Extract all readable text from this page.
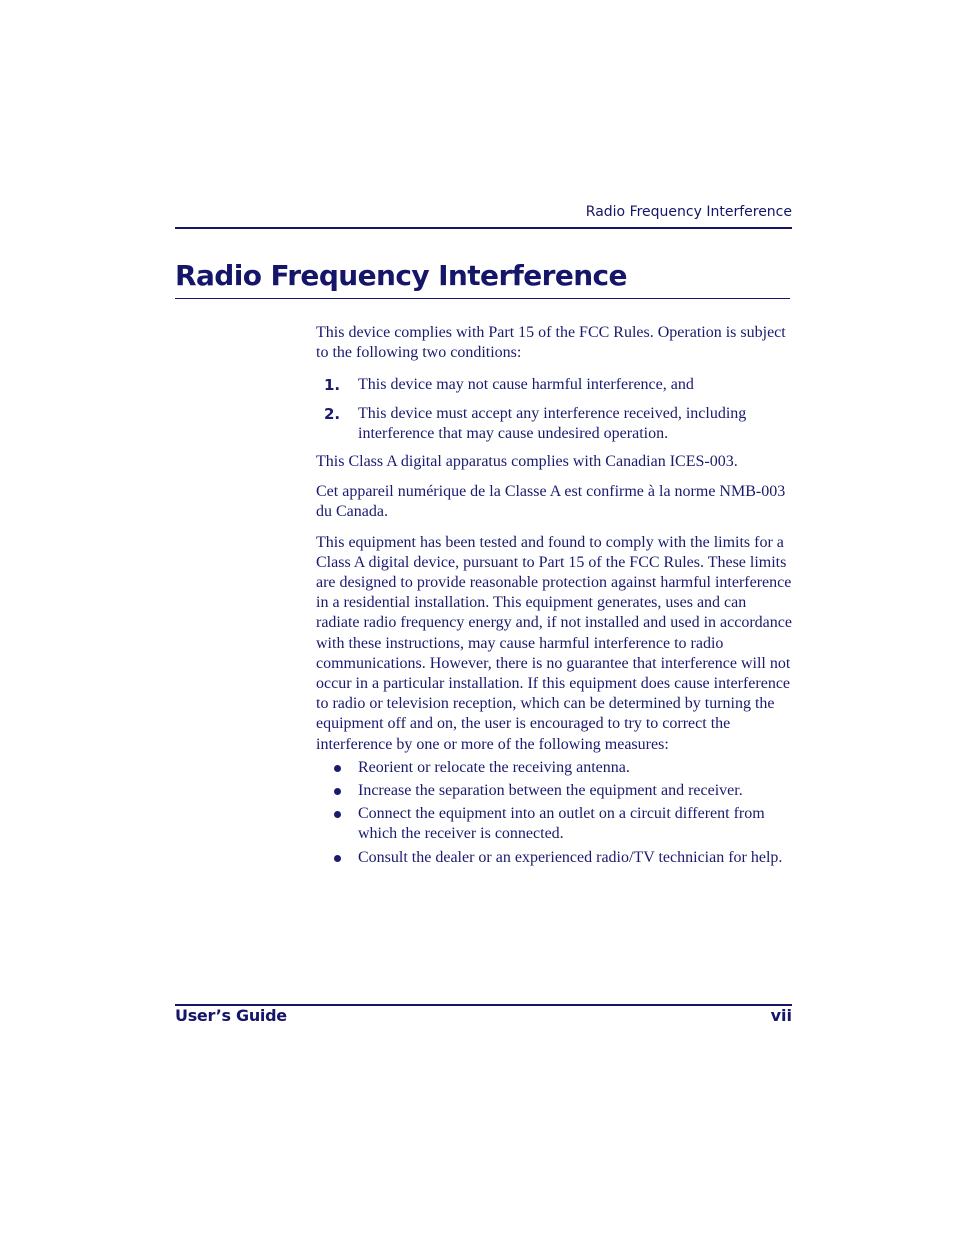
Radio Frequency Interference
Radio Frequency Interference

This device complies with Part 15 of the FCC Rules. Operation is subject to the following two conditions:

1. This device may not cause harmful interference, and
2. This device must accept any interference received, including interference that may cause undesired operation.

This Class A digital apparatus complies with Canadian ICES-003.

Cet appareil numérique de la Classe A est confirme à la norme NMB-003 du Canada.

This equipment has been tested and found to comply with the limits for a Class A digital device, pursuant to Part 15 of the FCC Rules. These limits are designed to provide reasonable protection against harmful interference in a residential installation. This equipment generates, uses and can radiate radio frequency energy and, if not installed and used in accordance with these instructions, may cause harmful interference to radio communications. However, there is no guarantee that interference will not occur in a particular installation. If this equipment does cause interference to radio or television reception, which can be determined by turning the equipment off and on, the user is encouraged to try to correct the interference by one or more of the following measures:

Reorient or relocate the receiving antenna.
Increase the separation between the equipment and receiver.
Connect the equipment into an outlet on a circuit different from which the receiver is connected.
Consult the dealer or an experienced radio/TV technician for help.
User’s Guide	vii
